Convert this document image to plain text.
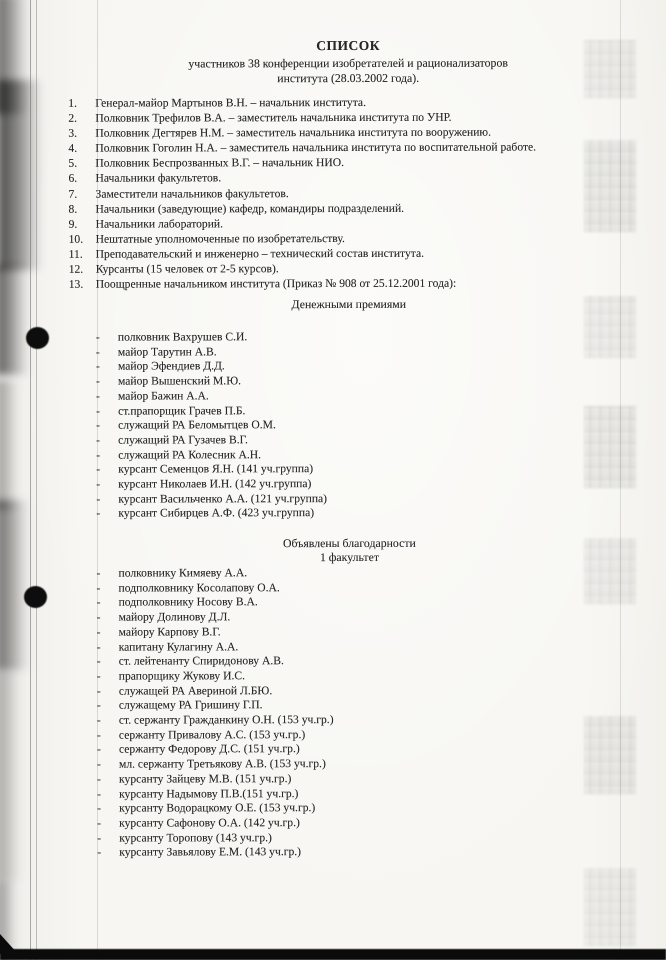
СПИСОК
участников 38 конференции изобретателей и рационализаторов
института (28.03.2002 года).
Генерал-майор Мартынов В.Н. – начальник института.
Полковник Трефилов В.А. – заместитель начальника института по УНР.
Полковник Дегтярев Н.М. – заместитель начальника института по вооружению.
Полковник Гоголин Н.А. – заместитель начальника института по воспитательной работе.
Полковник Беспрозванных В.Г. – начальник НИО.
Начальники факультетов.
Заместители начальников факультетов.
Начальники (заведующие) кафедр, командиры подразделений.
Начальники лабораторий.
Нештатные уполномоченные по изобретательству.
Преподавательский и инженерно – технический состав института.
Курсанты (15 человек от 2-5 курсов).
Поощренные начальником института (Приказ № 908 от 25.12.2001 года):
Денежными премиями
- полковник Вахрушев С.И.
- майор Тарутин А.В.
- майор Эфендиев Д.Д.
- майор Вышенский М.Ю.
- майор Бажин А.А.
- ст.прапорщик Грачев П.Б.
- служащий РА Беломытцев О.М.
- служащий РА Гузачев В.Г.
- служащий РА Колесник А.Н.
- курсант Семенцов Я.Н. (141 уч.группа)
- курсант Николаев И.Н. (142 уч.группа)
- курсант Васильченко А.А. (121 уч.группа)
- курсант Сибирцев А.Ф. (423 уч.группа)
Объявлены благодарности
1 факультет
- полковнику Кимяеву А.А.
- подполковнику Косолапову О.А.
- подполковнику Носову В.А.
- майору Долинову Д.Л.
- майору Карпову В.Г.
- капитану Кулагину А.А.
- ст. лейтенанту Спиридонову А.В.
- прапорщику Жукову И.С.
- служащей РА Авериной Л.БЮ.
- служащему РА Гришину Г.П.
- ст. сержанту Гражданкину О.Н. (153 уч.гр.)
- сержанту Привалову А.С. (153 уч.гр.)
- сержанту Федорову Д.С. (151 уч.гр.)
- мл. сержанту Третьякову А.В. (153 уч.гр.)
- курсанту Зайцеву М.В. (151 уч.гр.)
- курсанту Надымову П.В.(151 уч.гр.)
- курсанту Водорацкому О.Е. (153 уч.гр.)
- курсанту Сафонову О.А. (142 уч.гр.)
- курсанту Торопову (143 уч.гр.)
- курсанту Завьялову Е.М. (143 уч.гр.)
